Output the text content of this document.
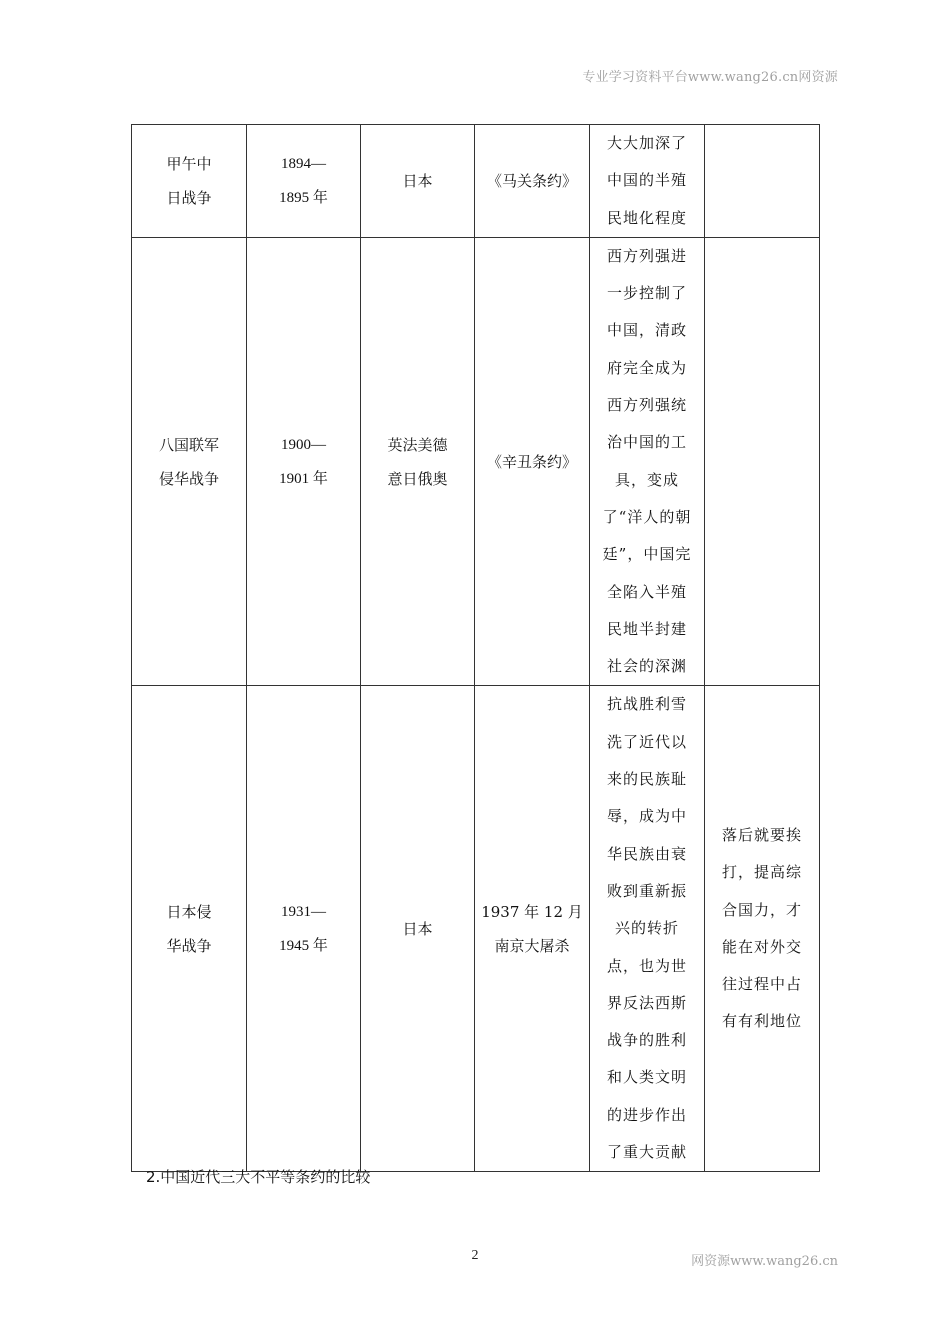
专业学习资料平台www.wang26.cn网资源
甲午中
日战争	1894—
1895 年	日本	《马关条约》	大大加深了中国的半殖民地化程度	
八国联军
侵华战争	1900—
1901 年	英法美德
意日俄奥	《辛丑条约》	西方列强进一步控制了中国，清政府完全成为西方列强统治中国的工具，变成了“洋人的朝廷”，中国完全陷入半殖民地半封建社会的深渊	
日本侵
华战争	1931—
1945 年	日本	1937 年 12 月南京大屠杀	抗战胜利雪洗了近代以来的民族耻辱，成为中华民族由衰败到重新振兴的转折点，也为世界反法西斯战争的胜利和人类文明的进步作出了重大贡献	落后就要挨打，提高综合国力，才能在对外交往过程中占有有利地位
2.中国近代三大不平等条约的比较
2	网资源www.wang26.cn
